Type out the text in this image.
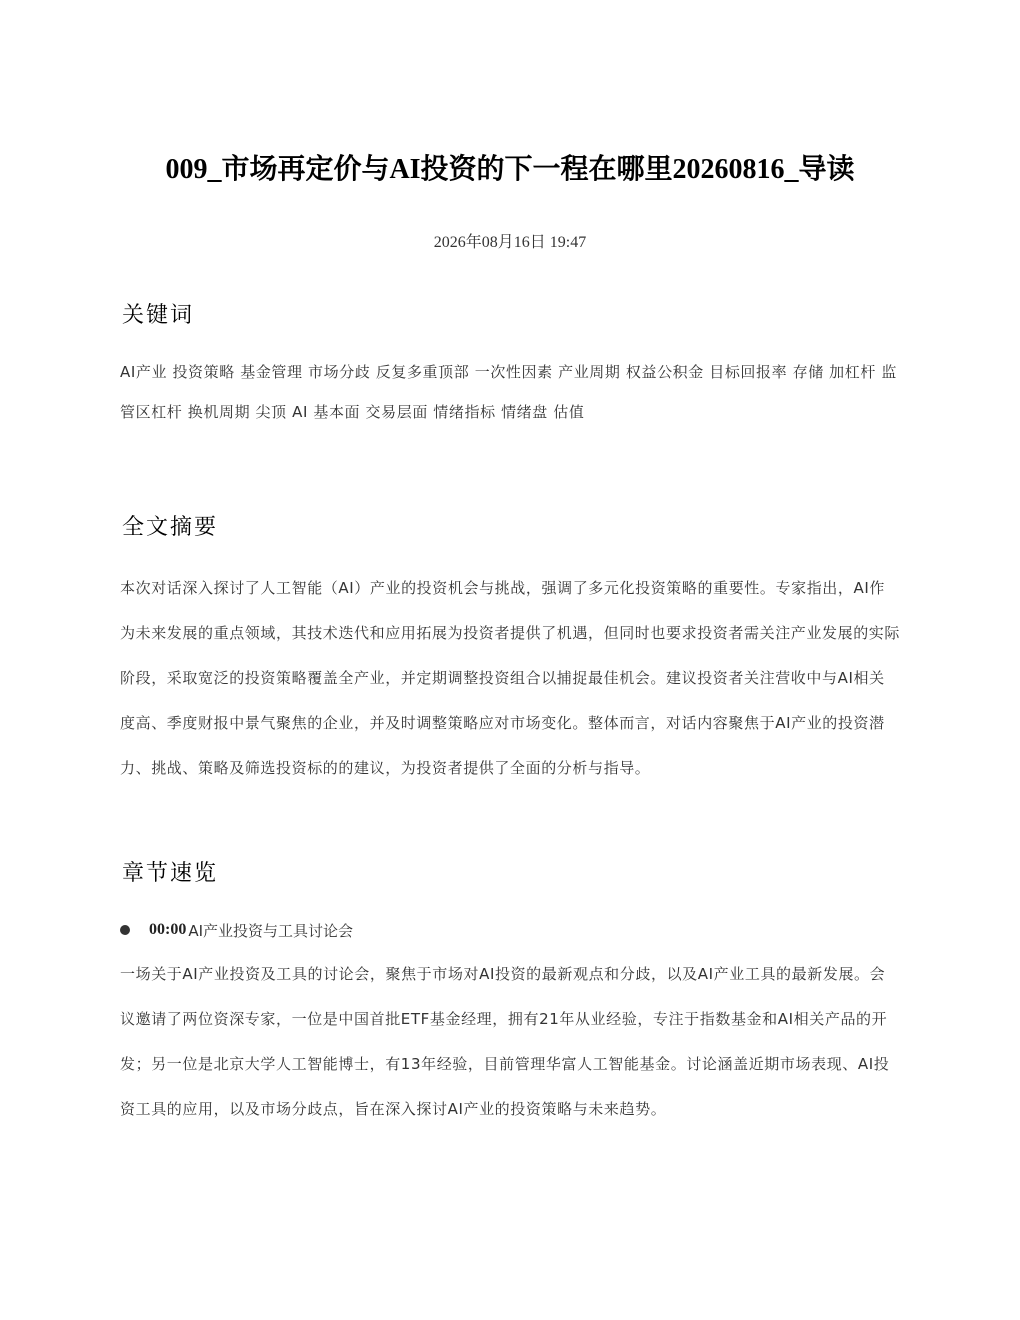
009_市场再定价与AI投资的下一程在哪里20260816_导读
2026年08月16日 19:47
关键词

AI产业 投资策略 基金管理 市场分歧 反复多重顶部 一次性因素 产业周期 权益公积金 目标回报率 存储 加杠杆 监管区杠杆 换机周期 尖顶 AI 基本面 交易层面 情绪指标 情绪盘 估值

全文摘要

本次对话深入探讨了人工智能（AI）产业的投资机会与挑战，强调了多元化投资策略的重要性。专家指出，AI作为未来发展的重点领域，其技术迭代和应用拓展为投资者提供了机遇，但同时也要求投资者需关注产业发展的实际阶段，采取宽泛的投资策略覆盖全产业，并定期调整投资组合以捕捉最佳机会。建议投资者关注营收中与AI相关度高、季度财报中景气聚焦的企业，并及时调整策略应对市场变化。整体而言，对话内容聚焦于AI产业的投资潜力、挑战、策略及筛选投资标的的建议，为投资者提供了全面的分析与指导。

章节速览
00:00 AI产业投资与工具讨论会

一场关于AI产业投资及工具的讨论会，聚焦于市场对AI投资的最新观点和分歧，以及AI产业工具的最新发展。会议邀请了两位资深专家，一位是中国首批ETF基金经理，拥有21年从业经验，专注于指数基金和AI相关产品的开发；另一位是北京大学人工智能博士，有13年经验，目前管理华富人工智能基金。讨论涵盖近期市场表现、AI投资工具的应用，以及市场分歧点，旨在深入探讨AI产业的投资策略与未来趋势。
